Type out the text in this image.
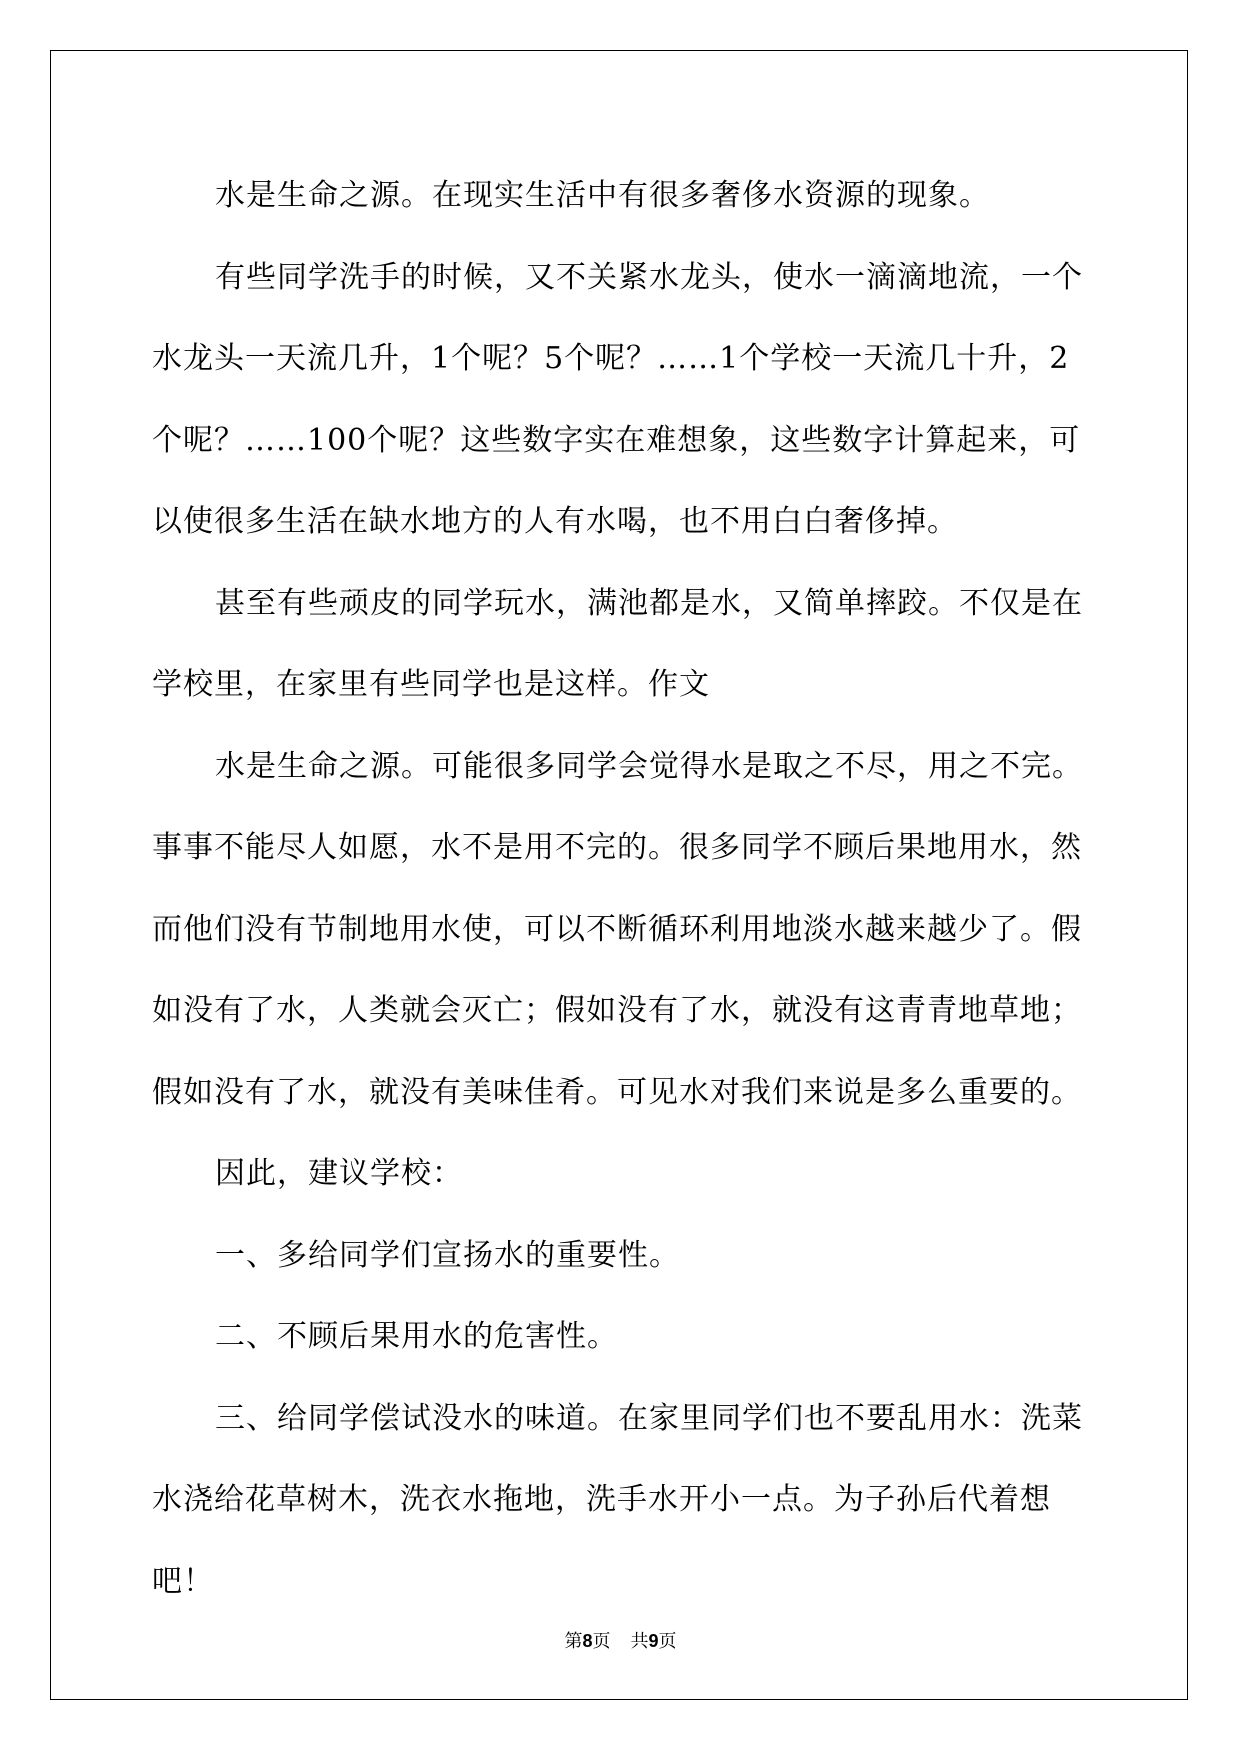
水是生命之源。在现实生活中有很多奢侈水资源的现象。

有些同学洗手的时候，又不关紧水龙头，使水一滴滴地流，一个水龙头一天流几升，1个呢？5个呢？……1个学校一天流几十升，2个呢？……100个呢？这些数字实在难想象，这些数字计算起来，可以使很多生活在缺水地方的人有水喝，也不用白白奢侈掉。

甚至有些顽皮的同学玩水，满池都是水，又简单摔跤。不仅是在学校里，在家里有些同学也是这样。作文

水是生命之源。可能很多同学会觉得水是取之不尽，用之不完。事事不能尽人如愿，水不是用不完的。很多同学不顾后果地用水，然而他们没有节制地用水使，可以不断循环利用地淡水越来越少了。假如没有了水，人类就会灭亡；假如没有了水，就没有这青青地草地；假如没有了水，就没有美味佳肴。可见水对我们来说是多么重要的。

因此，建议学校：

一、多给同学们宣扬水的重要性。

二、不顾后果用水的危害性。

三、给同学偿试没水的味道。在家里同学们也不要乱用水：洗菜水浇给花草树木，洗衣水拖地，洗手水开小一点。为子孙后代着想吧！

第8页 共9页
